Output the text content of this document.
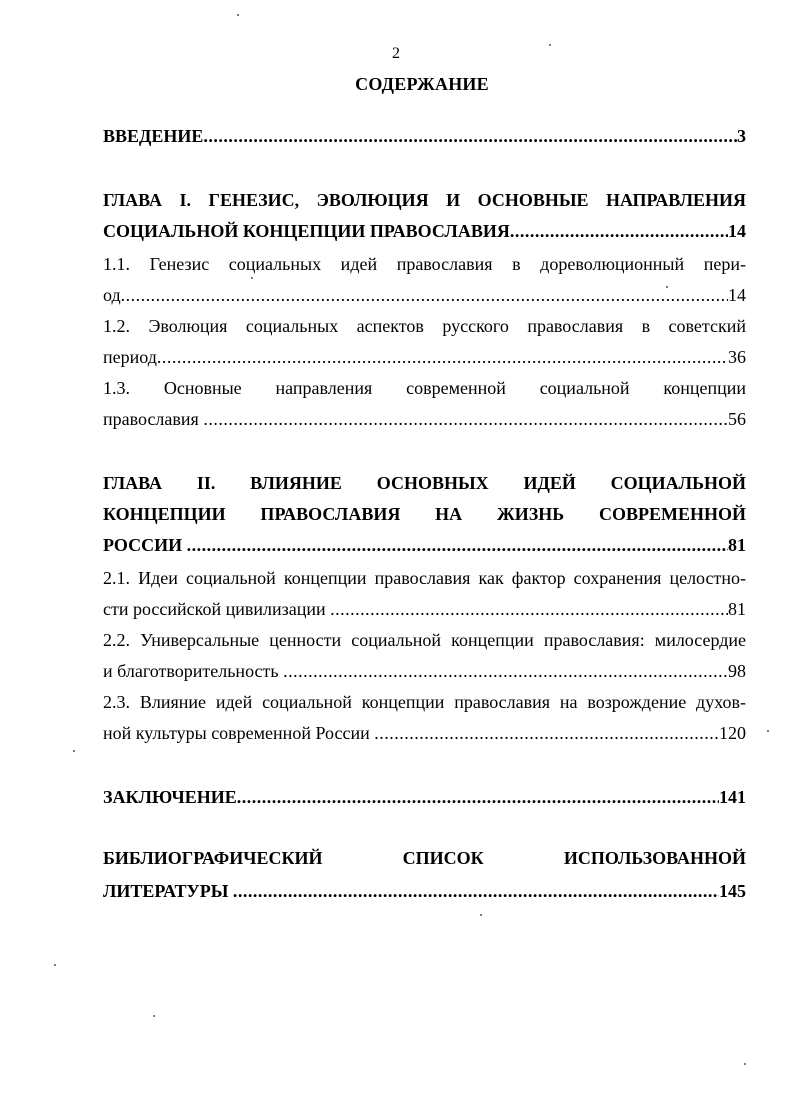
2
СОДЕРЖАНИЕ
ВВЕДЕНИЕ .....	3
ГЛАВА I. ГЕНЕЗИС, ЭВОЛЮЦИЯ И ОСНОВНЫЕ НАПРАВЛЕНИЯ
СОЦИАЛЬНОЙ КОНЦЕПЦИИ ПРАВОСЛАВИЯ .....	14
1.1. Генезис социальных идей православия в дореволюционный пери-
од .....	14
1.2. Эволюция социальных аспектов русского православия в советский
период .....	36
1.3. Основные направления современной социальной концепции
православия .....	56
ГЛАВА II. ВЛИЯНИЕ ОСНОВНЫХ ИДЕЙ СОЦИАЛЬНОЙ
КОНЦЕПЦИИ ПРАВОСЛАВИЯ НА ЖИЗНЬ СОВРЕМЕННОЙ
РОССИИ .....	81
2.1. Идеи социальной концепции православия как фактор сохранения целостно-
сти российской цивилизации .....	81
2.2. Универсальные ценности социальной концепции православия: милосердие
и благотворительность .....	98
2.3. Влияние идей социальной концепции православия на возрождение духов-
ной культуры современной России .....	120
ЗАКЛЮЧЕНИЕ .....	141
БИБЛИОГРАФИЧЕСКИЙ СПИСОК ИСПОЛЬЗОВАННОЙ
ЛИТЕРАТУРЫ .....	145
